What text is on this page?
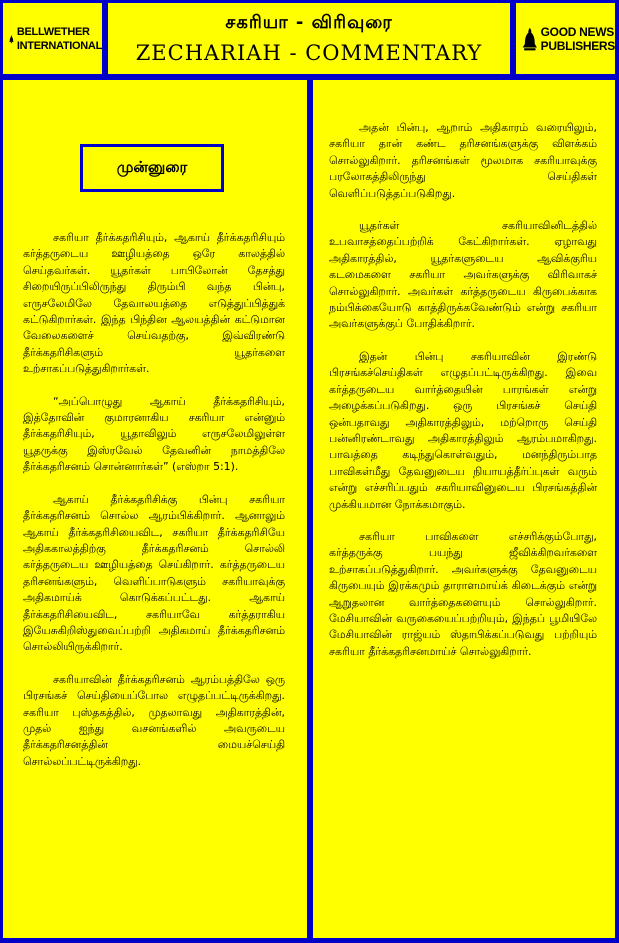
BELLWETHER
INTERNATIONAL
சகரியா - விரிவுரை
ZECHARIAH - COMMENTARY
GOOD NEWS
PUBLISHERS
முன்னுரை

சகரியா தீர்க்கதரிசியும், ஆகாய் தீர்க்கதரிசியும் கர்த்தருடைய ஊழியத்தை ஒரே காலத்தில் செய்தவர்கள். யூதர்கள் பாபிலோன் தேசத்து சிறையிருப்பிலிருந்து திரும்பி வந்த பின்பு, எருசலேமிலே தேவாலயத்தை எடுத்துப்பித்துக் கட்டுகிறார்கள். இந்த பிந்தின ஆலயத்தின் கட்டுமான வேலைகளைச் செய்வதற்கு, இவ்விரண்டு தீர்க்கதரிசிகளும் யூதர்களை உற்சாகப்படுத்துகிறார்கள்.

“அப்பொழுது ஆகாய் தீர்க்கதரிசியும், இத்தோவின் குமாரனாகிய சகரியா என்னும் தீர்க்கதரிசியும், யூதாவிலும் எருசலேமிலுள்ள யூதருக்கு இஸ்ரவேல் தேவனின் நாமத்திலே தீர்க்கதரிசனம் சொன்னார்கள்” (எஸ்றா 5:1).

ஆகாய் தீர்க்கதரிசிக்கு பின்பு சகரியா தீர்க்கதரிசனம் சொல்ல ஆரம்பிக்கிறார். ஆனாலும் ஆகாய் தீர்க்கதரிசியைவிட, சகரியா தீர்க்கதரிசியே அதிககாலத்திற்கு தீர்க்கதரிசனம் சொல்லி கர்த்தருடைய ஊழியத்தை செய்கிறார். கர்த்தருடைய தரிசனங்களும், வெளிப்பாடுகளும் சகரியாவுக்கு அதிகமாய்க் கொடுக்கப்பட்டது. ஆகாய் தீர்க்கதரிசியைவிட, சகரியாவே கர்த்தராகிய இயேசுகிறிஸ்துவைப்பற்றி அதிகமாய் தீர்க்கதரிசனம் சொல்லியிருக்கிறார்.

சகரியாவின் தீர்க்கதரிசனம் ஆரம்பத்திலே ஒரு பிரசங்கச் செய்தியைப்போல எழுதப்பட்டிருக்கிறது. சகரியா புஸ்தகத்தில், முதலாவது அதிகாரத்தின், முதல் ஐந்து வசனங்களில் அவருடைய தீர்க்கதரிசனத்தின் மையச்செய்தி சொல்லப்பட்டிருக்கிறது.

அதன் பின்பு, ஆறாம் அதிகாரம் வரையிலும், சகரியா தான் கண்ட தரிசனங்களுக்கு விளக்கம் சொல்லுகிறார். தரிசனங்கள் மூலமாக சகரியாவுக்கு பரலோகத்திலிருந்து செய்திகள் வெளிப்படுத்தப்படுகிறது.

யூதர்கள் சகரியாவினிடத்தில் உபவாசத்தைப்பற்றிக் கேட்கிறார்கள். ஏழாவது அதிகாரத்தில், யூதர்களுடைய ஆவிக்குரிய கடமைகளை சகரியா அவர்களுக்கு விரிவாகச் சொல்லுகிறார். அவர்கள் கர்த்தருடைய கிருபைக்காக நம்பிக்கையோடு காத்திருக்கவேண்டும் என்று சகரியா அவர்களுக்குப் போதிக்கிறார்.

இதன் பின்பு சகரியாவின் இரண்டு பிரசங்கச்செய்திகள் எழுதப்பட்டிருக்கிறது. இவை கர்த்தருடைய வார்த்தையின் பாரங்கள் என்று அழைக்கப்படுகிறது. ஒரு பிரசங்கச் செய்தி ஒன்பதாவது அதிகாரத்திலும், மற்றொரு செய்தி பன்னிரண்டாவது அதிகாரத்திலும் ஆரம்பமாகிறது. பாவத்தை கடிந்துகொள்வதும், மனந்திரும்பாத பாவிகள்மீது தேவனுடைய நியாயத்தீர்ப்புகள் வரும் என்று எச்சரிப்பதும் சகரியாவினுடைய பிரசங்கத்தின் முக்கியமான நோக்கமாகும்.

சகரியா பாவிகளை எச்சரிக்கும்போது, கர்த்தருக்கு பயந்து ஜீவிக்கிறவர்களை உற்சாகப்படுத்துகிறார். அவர்களுக்கு தேவனுடைய கிருபையும் இரக்கமும் தாராளமாய்க் கிடைக்கும் என்று ஆறுதலான வார்த்தைகளையும் சொல்லுகிறார். மேசியாவின் வருகையைப்பற்றியும், இந்தப் பூமியிலே மேசியாவின் ராஜ்யம் ஸ்தாபிக்கப்படுவது பற்றியும் சகரியா தீர்க்கதரிசனமாய்ச் சொல்லுகிறார்.
